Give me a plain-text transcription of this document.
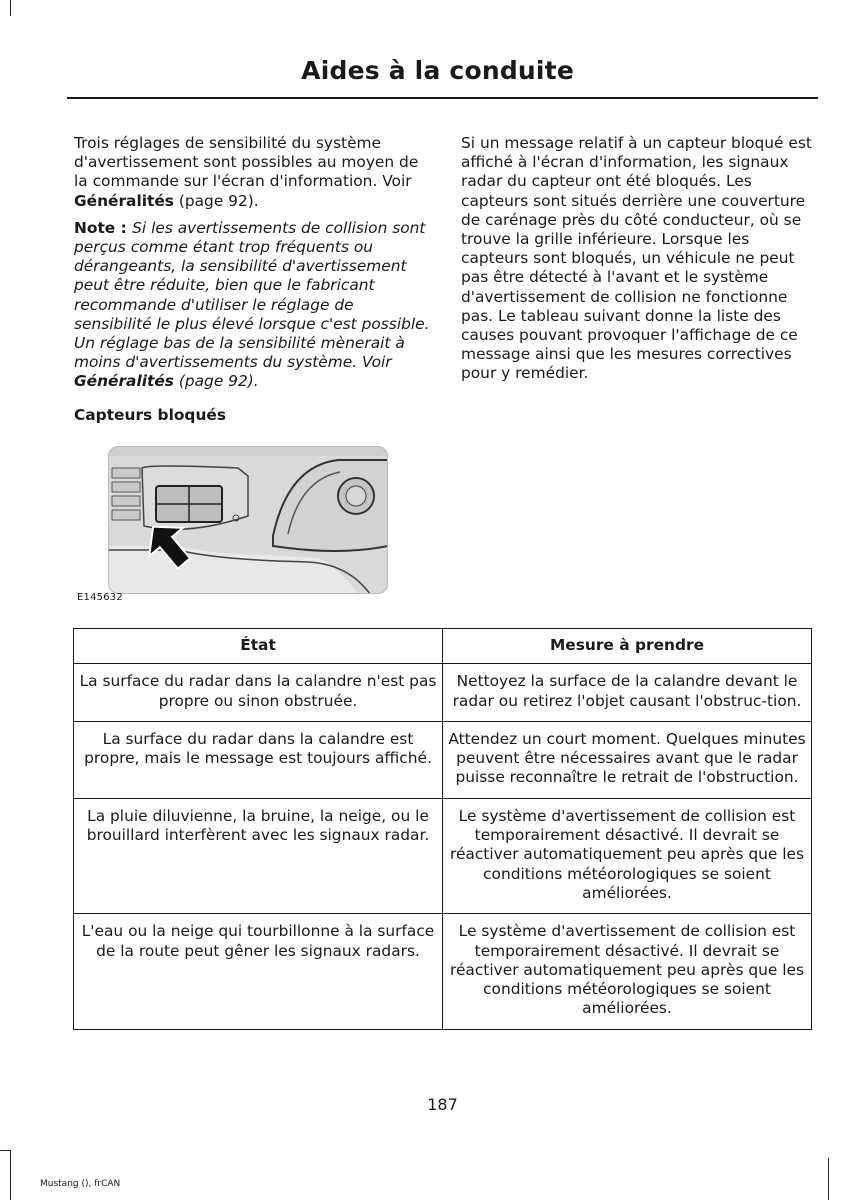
Aides à la conduite

Trois réglages de sensibilité du système d'avertissement sont possibles au moyen de la commande sur l'écran d'information. Voir Généralités (page 92).

Note : Si les avertissements de collision sont perçus comme étant trop fréquents ou dérangeants, la sensibilité d'avertissement peut être réduite, bien que le fabricant recommande d'utiliser le réglage de sensibilité le plus élevé lorsque c'est possible. Un réglage bas de la sensibilité mènerait à moins d'avertissements du système. Voir Généralités (page 92).

Capteurs bloqués

Si un message relatif à un capteur bloqué est affiché à l'écran d'information, les signaux radar du capteur ont été bloqués. Les capteurs sont situés derrière une couverture de carénage près du côté conducteur, où se trouve la grille inférieure. Lorsque les capteurs sont bloqués, un véhicule ne peut pas être détecté à l'avant et le système d'avertissement de collision ne fonctionne pas. Le tableau suivant donne la liste des causes pouvant provoquer l'affichage de ce message ainsi que les mesures correctives pour y remédier.

E145632
État	Mesure à prendre
La surface du radar dans la calandre n'est pas propre ou sinon obstruée.	Nettoyez la surface de la calandre devant le radar ou retirez l'objet causant l'obstruc-tion.
La surface du radar dans la calandre est propre, mais le message est toujours affiché.	Attendez un court moment. Quelques minutes peuvent être nécessaires avant que le radar puisse reconnaître le retrait de l'obstruction.
La pluie diluvienne, la bruine, la neige, ou le brouillard interfèrent avec les signaux radar.	Le système d'avertissement de collision est temporairement désactivé. Il devrait se réactiver automatiquement peu après que les conditions météorologiques se soient améliorées.
L'eau ou la neige qui tourbillonne à la surface de la route peut gêner les signaux radars.	Le système d'avertissement de collision est temporairement désactivé. Il devrait se réactiver automatiquement peu après que les conditions météorologiques se soient améliorées.
187
Mustang (), frCAN
